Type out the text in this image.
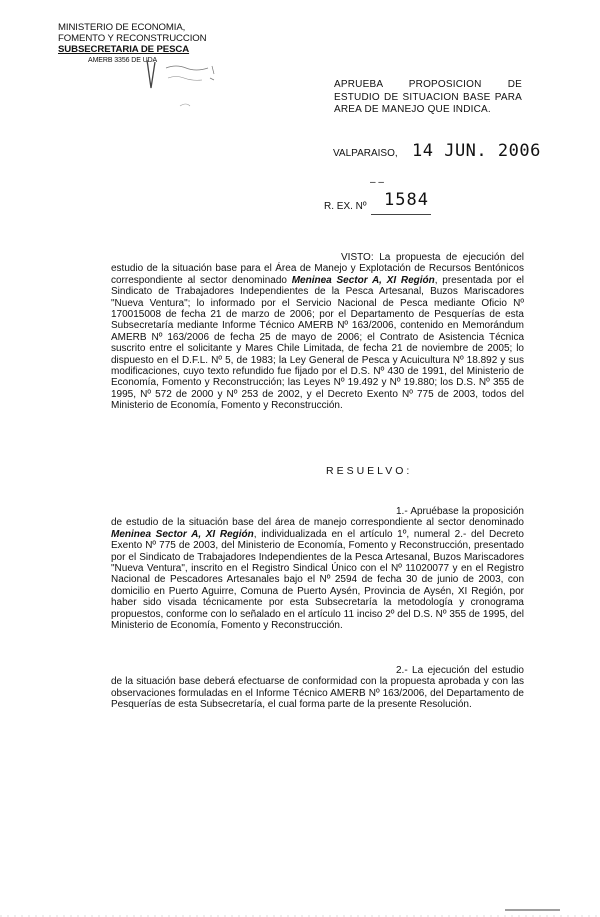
MINISTERIO DE ECONOMIA,
FOMENTO Y RECONSTRUCCION
SUBSECRETARIA DE PESCA
AMERB 3356 DE UDA
APRUEBA PROPOSICION DE ESTUDIO DE SITUACION BASE PARA AREA DE MANEJO QUE INDICA.
VALPARAISO, 14 JUN. 2006
– –
R. EX. Nº 1584
VISTO: La propuesta de ejecución del estudio de la situación base para el Área de Manejo y Explotación de Recursos Bentónicos correspondiente al sector denominado Meninea Sector A, XI Región, presentada por el Sindicato de Trabajadores Independientes de la Pesca Artesanal, Buzos Mariscadores "Nueva Ventura"; lo informado por el Servicio Nacional de Pesca mediante Oficio Nº 170015008 de fecha 21 de marzo de 2006; por el Departamento de Pesquerías de esta Subsecretaría mediante Informe Técnico AMERB Nº 163/2006, contenido en Memorándum AMERB Nº 163/2006 de fecha 25 de mayo de 2006; el Contrato de Asistencia Técnica suscrito entre el solicitante y Mares Chile Limitada, de fecha 21 de noviembre de 2005; lo dispuesto en el D.F.L. Nº 5, de 1983; la Ley General de Pesca y Acuicultura Nº 18.892 y sus modificaciones, cuyo texto refundido fue fijado por el D.S. Nº 430 de 1991, del Ministerio de Economía, Fomento y Reconstrucción; las Leyes Nº 19.492 y Nº 19.880; los D.S. Nº 355 de 1995, Nº 572 de 2000 y Nº 253 de 2002, y el Decreto Exento Nº 775 de 2003, todos del Ministerio de Economía, Fomento y Reconstrucción.
RESUELVO:
1.- Apruébase la proposición de estudio de la situación base del área de manejo correspondiente al sector denominado Meninea Sector A, XI Región, individualizada en el artículo 1º, numeral 2.- del Decreto Exento Nº 775 de 2003, del Ministerio de Economía, Fomento y Reconstrucción, presentado por el Sindicato de Trabajadores Independientes de la Pesca Artesanal, Buzos Mariscadores "Nueva Ventura", inscrito en el Registro Sindical Único con el Nº 11020077 y en el Registro Nacional de Pescadores Artesanales bajo el Nº 2594 de fecha 30 de junio de 2003, con domicilio en Puerto Aguirre, Comuna de Puerto Aysén, Provincia de Aysén, XI Región, por haber sido visada técnicamente por esta Subsecretaría la metodología y cronograma propuestos, conforme con lo señalado en el artículo 11 inciso 2º del D.S. Nº 355 de 1995, del Ministerio de Economía, Fomento y Reconstrucción.
2.- La ejecución del estudio de la situación base deberá efectuarse de conformidad con la propuesta aprobada y con las observaciones formuladas en el Informe Técnico AMERB Nº 163/2006, del Departamento de Pesquerías de esta Subsecretaría, el cual forma parte de la presente Resolución.
